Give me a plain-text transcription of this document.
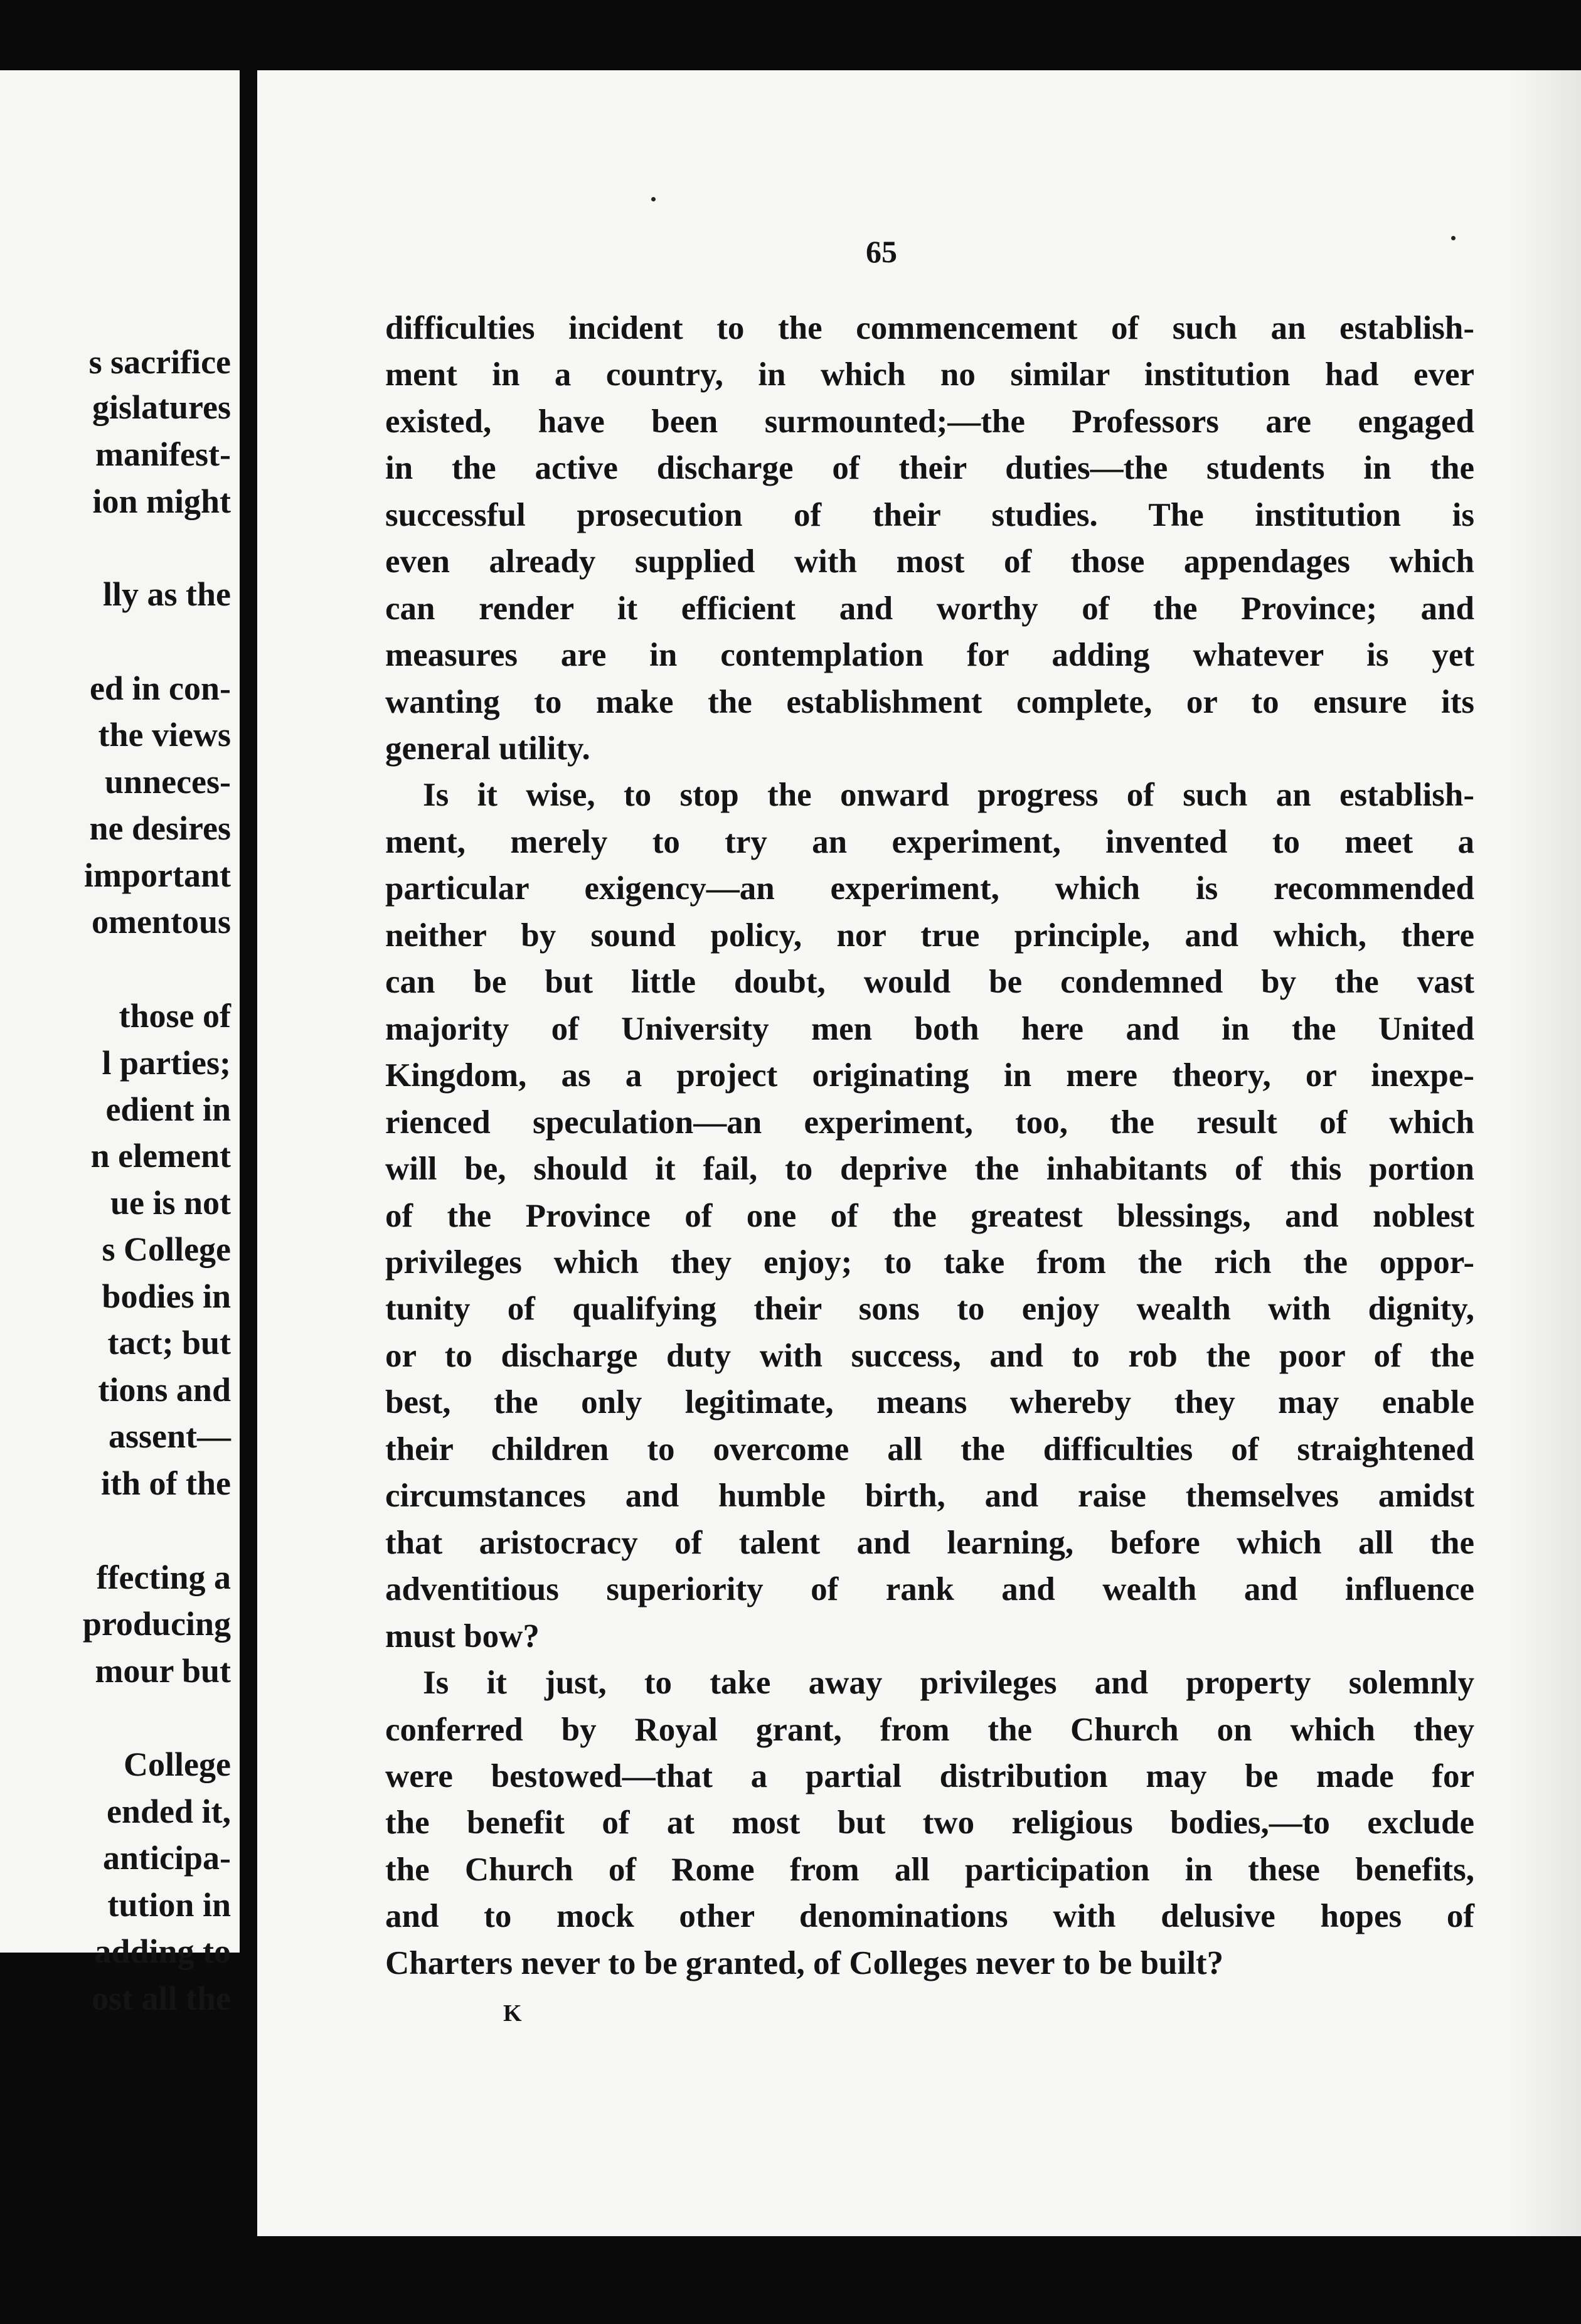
s sacrifice
gislatures
manifest-
ion might
lly as the
ed in con-
the views
unneces-
ne desires
important
omentous
those of
l parties;
edient in
n element
ue is not
s College
bodies in
tact; but
tions and
assent—
ith of the
ffecting a
producing
mour but
College
ended it,
anticipa-
tution in
adding to
ost all the
65
difficulties incident to the commencement of such an establish-
ment in a country, in which no similar institution had ever
existed, have been surmounted;—the Professors are engaged
in the active discharge of their duties—the students in the
successful prosecution of their studies. The institution is
even already supplied with most of those appendages which
can render it efficient and worthy of the Province; and
measures are in contemplation for adding whatever is yet
wanting to make the establishment complete, or to ensure its
general utility.
Is it wise, to stop the onward progress of such an establish-
ment, merely to try an experiment, invented to meet a
particular exigency—an experiment, which is recommended
neither by sound policy, nor true principle, and which, there
can be but little doubt, would be condemned by the vast
majority of University men both here and in the United
Kingdom, as a project originating in mere theory, or inexpe-
rienced speculation—an experiment, too, the result of which
will be, should it fail, to deprive the inhabitants of this portion
of the Province of one of the greatest blessings, and noblest
privileges which they enjoy; to take from the rich the oppor-
tunity of qualifying their sons to enjoy wealth with dignity,
or to discharge duty with success, and to rob the poor of the
best, the only legitimate, means whereby they may enable
their children to overcome all the difficulties of straightened
circumstances and humble birth, and raise themselves amidst
that aristocracy of talent and learning, before which all the
adventitious superiority of rank and wealth and influence
must bow?
Is it just, to take away privileges and property solemnly
conferred by Royal grant, from the Church on which they
were bestowed—that a partial distribution may be made for
the benefit of at most but two religious bodies,—to exclude
the Church of Rome from all participation in these benefits,
and to mock other denominations with delusive hopes of
Charters never to be granted, of Colleges never to be built?
K
